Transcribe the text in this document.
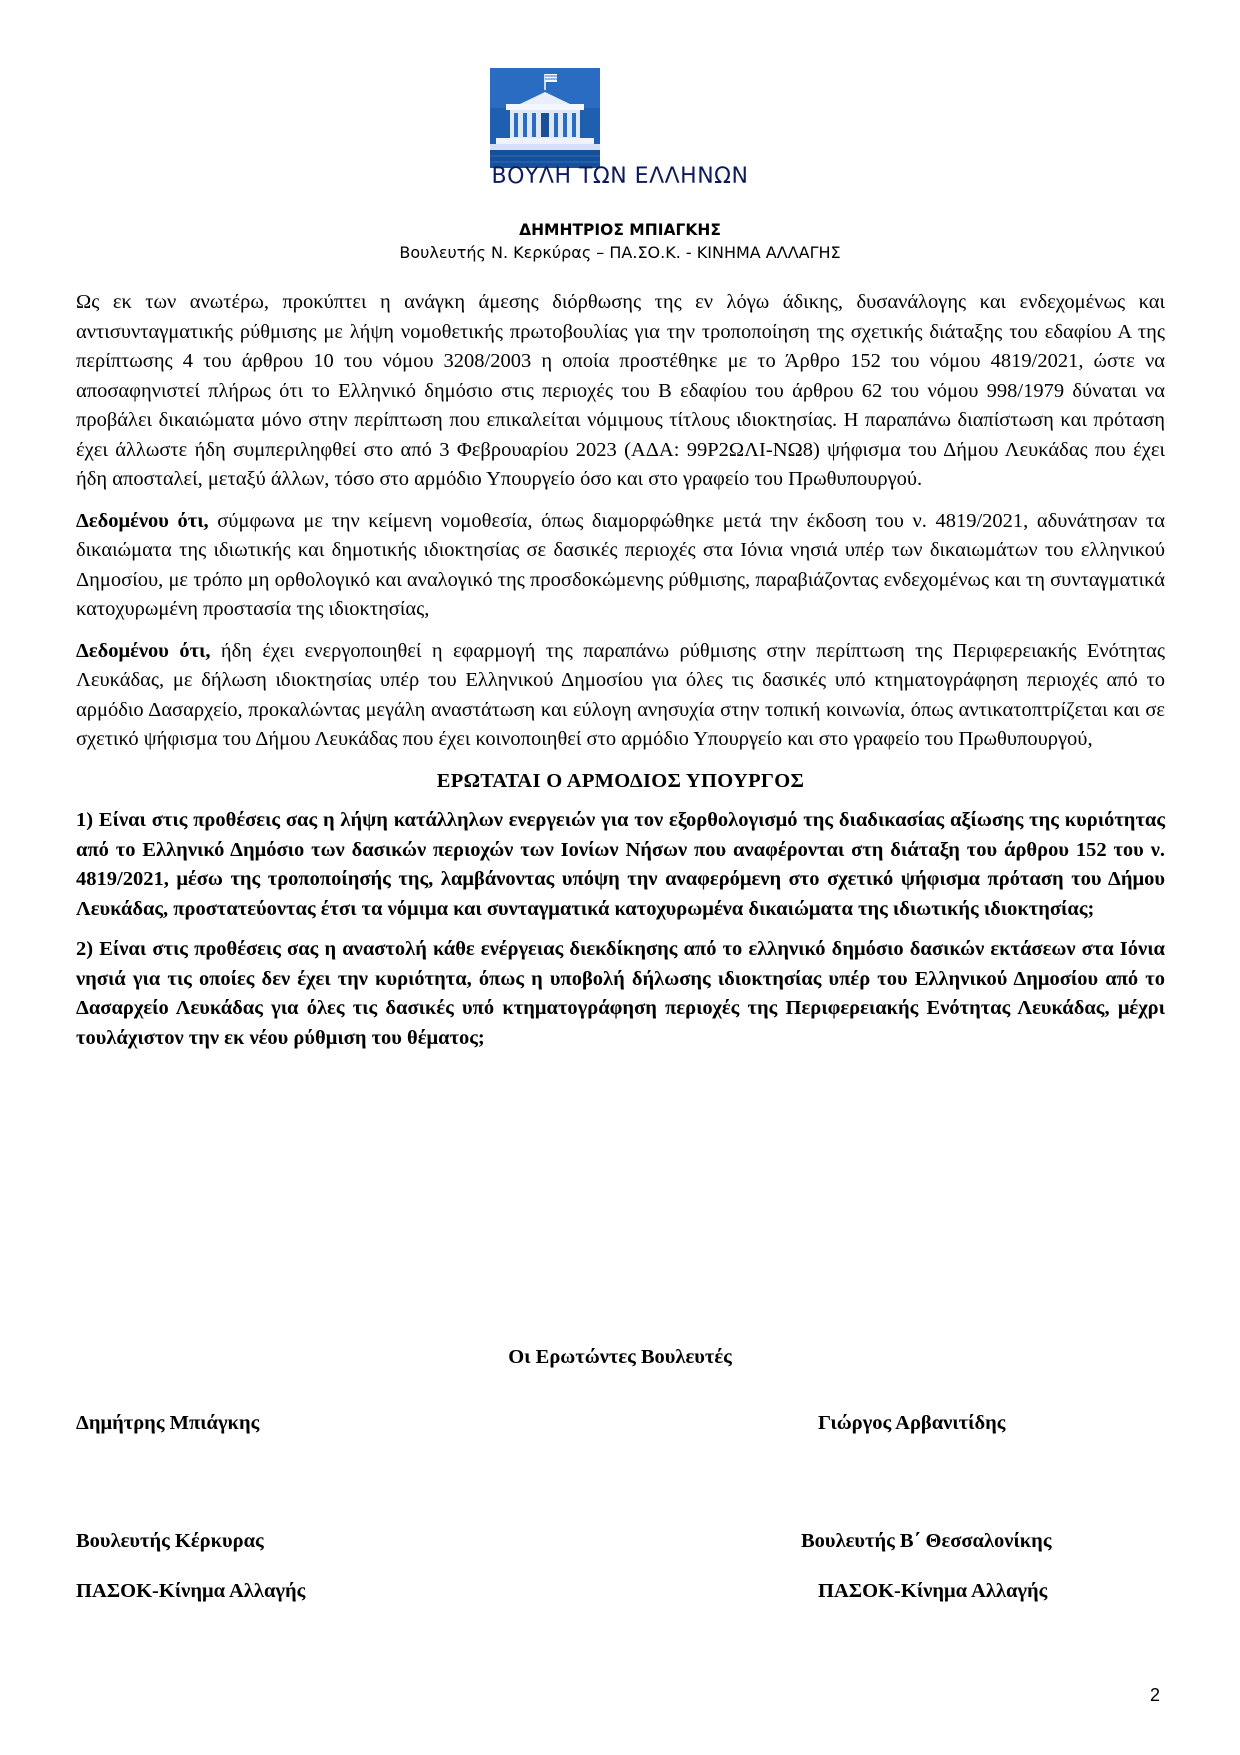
ΒΟΥΛΗ ΤΩΝ ΕΛΛΗΝΩΝ
ΔΗΜΗΤΡΙΟΣ ΜΠΙΑΓΚΗΣ
Βουλευτής Ν. Κερκύρας – ΠΑ.ΣΟ.Κ. - ΚΙΝΗΜΑ ΑΛΛΑΓΗΣ

Ως εκ των ανωτέρω, προκύπτει η ανάγκη άμεσης διόρθωσης της εν λόγω άδικης, δυσανάλογης και ενδεχομένως και αντισυνταγματικής ρύθμισης με λήψη νομοθετικής πρωτοβουλίας για την τροποποίηση της σχετικής διάταξης του εδαφίου Α της περίπτωσης 4 του άρθρου 10 του νόμου 3208/2003 η οποία προστέθηκε με το Άρθρο 152 του νόμου 4819/2021, ώστε να αποσαφηνιστεί πλήρως ότι το Ελληνικό δημόσιο στις περιοχές του Β εδαφίου του άρθρου 62 του νόμου 998/1979 δύναται να προβάλει δικαιώματα μόνο στην περίπτωση που επικαλείται νόμιμους τίτλους ιδιοκτησίας. Η παραπάνω διαπίστωση και πρόταση έχει άλλωστε ήδη συμπεριληφθεί στο από 3 Φεβρουαρίου 2023 (ΑΔΑ: 99Ρ2ΩΛΙ-ΝΩ8) ψήφισμα του Δήμου Λευκάδας που έχει ήδη αποσταλεί, μεταξύ άλλων, τόσο στο αρμόδιο Υπουργείο όσο και στο γραφείο του Πρωθυπουργού.

Δεδομένου ότι, σύμφωνα με την κείμενη νομοθεσία, όπως διαμορφώθηκε μετά την έκδοση του ν. 4819/2021, αδυνάτησαν τα δικαιώματα της ιδιωτικής και δημοτικής ιδιοκτησίας σε δασικές περιοχές στα Ιόνια νησιά υπέρ των δικαιωμάτων του ελληνικού Δημοσίου, με τρόπο μη ορθολογικό και αναλογικό της προσδοκώμενης ρύθμισης, παραβιάζοντας ενδεχομένως και τη συνταγματικά κατοχυρωμένη προστασία της ιδιοκτησίας,

Δεδομένου ότι, ήδη έχει ενεργοποιηθεί η εφαρμογή της παραπάνω ρύθμισης στην περίπτωση της Περιφερειακής Ενότητας Λευκάδας, με δήλωση ιδιοκτησίας υπέρ του Ελληνικού Δημοσίου για όλες τις δασικές υπό κτηματογράφηση περιοχές από το αρμόδιο Δασαρχείο, προκαλώντας μεγάλη αναστάτωση και εύλογη ανησυχία στην τοπική κοινωνία, όπως αντικατοπτρίζεται και σε σχετικό ψήφισμα του Δήμου Λευκάδας που έχει κοινοποιηθεί στο αρμόδιο Υπουργείο και στο γραφείο του Πρωθυπουργού,

ΕΡΩΤΑΤΑΙ Ο ΑΡΜΟΔΙΟΣ ΥΠΟΥΡΓΟΣ

1) Είναι στις προθέσεις σας η λήψη κατάλληλων ενεργειών για τον εξορθολογισμό της διαδικασίας αξίωσης της κυριότητας από το Ελληνικό Δημόσιο των δασικών περιοχών των Ιονίων Νήσων που αναφέρονται στη διάταξη του άρθρου 152 του ν. 4819/2021, μέσω της τροποποίησής της, λαμβάνοντας υπόψη την αναφερόμενη στο σχετικό ψήφισμα πρόταση του Δήμου Λευκάδας, προστατεύοντας έτσι τα νόμιμα και συνταγματικά κατοχυρωμένα δικαιώματα της ιδιωτικής ιδιοκτησίας;

2) Είναι στις προθέσεις σας η αναστολή κάθε ενέργειας διεκδίκησης από το ελληνικό δημόσιο δασικών εκτάσεων στα Ιόνια νησιά για τις οποίες δεν έχει την κυριότητα, όπως η υποβολή δήλωσης ιδιοκτησίας υπέρ του Ελληνικού Δημοσίου από το Δασαρχείο Λευκάδας για όλες τις δασικές υπό κτηματογράφηση περιοχές της Περιφερειακής Ενότητας Λευκάδας, μέχρι τουλάχιστον την εκ νέου ρύθμιση του θέματος;

Οι Ερωτώντες Βουλευτές
Δημήτρης Μπιάγκης	Γιώργος Αρβανιτίδης
Βουλευτής Κέρκυρας	Βουλευτής Β΄ Θεσσαλονίκης
ΠΑΣΟΚ-Κίνημα Αλλαγής	ΠΑΣΟΚ-Κίνημα Αλλαγής
2
